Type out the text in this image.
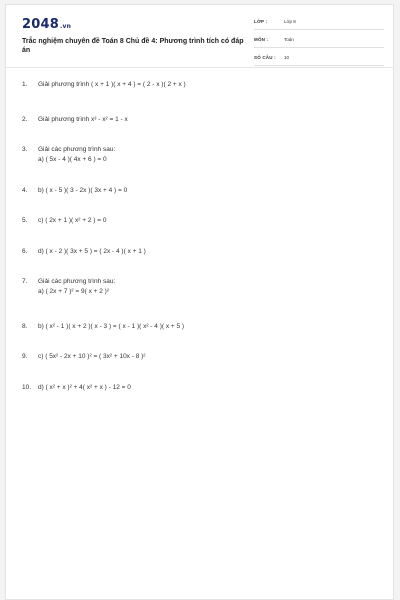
2048.vn
Trắc nghiệm chuyên đề Toán 8 Chủ đề 4: Phương trình tích có đáp án
LỚP :	Lớp 8
MÔN :	Toán
SỐ CÂU : 10
1. Giải phương trình ( x + 1 )( x + 4 ) = ( 2 - x )( 2 + x )
2. Giải phương trình x³ - x² = 1 - x
3. Giải các phương trình sau:
a) ( 5x - 4 )( 4x + 6 ) = 0
4. b) ( x - 5 )( 3 - 2x )( 3x + 4 ) = 0
5. c) ( 2x + 1 )( x² + 2 ) = 0
6. d) ( x - 2 )( 3x + 5 ) = ( 2x - 4 )( x + 1 )
7. Giải các phương trình sau:
a) ( 2x + 7 )² = 9( x + 2 )²
8. b) ( x² - 1 )( x + 2 )( x - 3 ) = ( x - 1 )( x² - 4 )( x + 5 )
9. c) ( 5x² - 2x + 10 )² = ( 3x² + 10x - 8 )²
10. d) ( x² + x )² + 4( x² + x ) - 12 = 0
